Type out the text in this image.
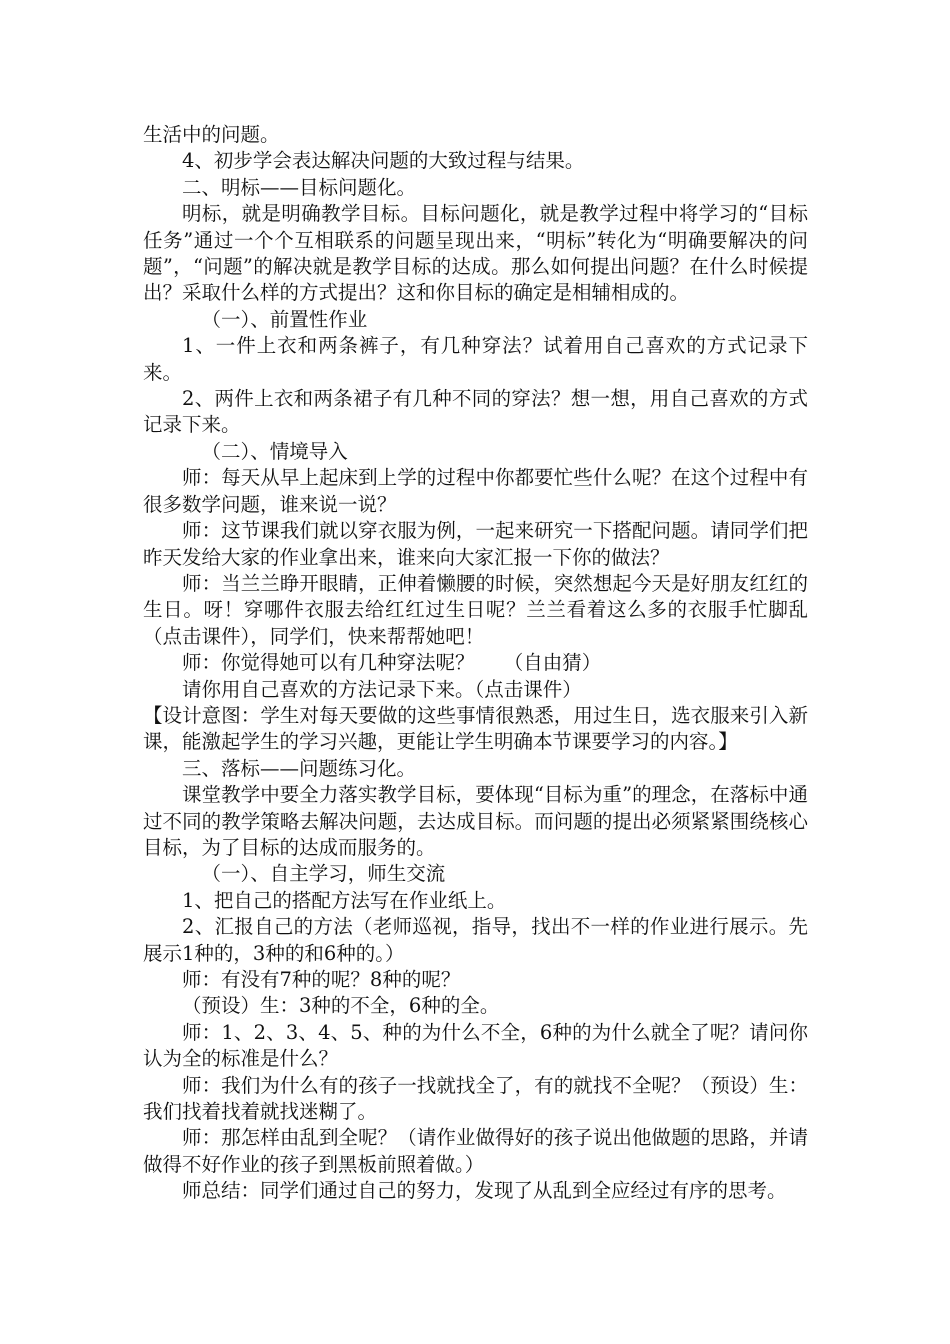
生活中的问题。

4、初步学会表达解决问题的大致过程与结果。

二、明标——目标问题化。

明标，就是明确教学目标。目标问题化，就是教学过程中将学习的“目标任务”通过一个个互相联系的问题呈现出来，“明标”转化为“明确要解决的问题”，“问题”的解决就是教学目标的达成。那么如何提出问题？在什么时候提出？采取什么样的方式提出？这和你目标的确定是相辅相成的。

（一）、前置性作业

1、一件上衣和两条裤子，有几种穿法？试着用自己喜欢的方式记录下来。

2、两件上衣和两条裙子有几种不同的穿法？想一想，用自己喜欢的方式记录下来。

（二）、情境导入

师：每天从早上起床到上学的过程中你都要忙些什么呢？在这个过程中有很多数学问题，谁来说一说？

师：这节课我们就以穿衣服为例，一起来研究一下搭配问题。请同学们把昨天发给大家的作业拿出来，谁来向大家汇报一下你的做法？

师：当兰兰睁开眼睛，正伸着懒腰的时候，突然想起今天是好朋友红红的生日。呀！穿哪件衣服去给红红过生日呢？兰兰看着这么多的衣服手忙脚乱（点击课件），同学们，快来帮帮她吧！

师：你觉得她可以有几种穿法呢？　　（自由猜）

请你用自己喜欢的方法记录下来。（点击课件）

【设计意图：学生对每天要做的这些事情很熟悉，用过生日，选衣服来引入新课，能激起学生的学习兴趣，更能让学生明确本节课要学习的内容。】

三、落标——问题练习化。

课堂教学中要全力落实教学目标，要体现“目标为重”的理念，在落标中通过不同的教学策略去解决问题，去达成目标。而问题的提出必须紧紧围绕核心目标，为了目标的达成而服务的。

（一）、自主学习，师生交流

1、把自己的搭配方法写在作业纸上。

2、汇报自己的方法（老师巡视，指导，找出不一样的作业进行展示。先展示1种的，3种的和6种的。）

师：有没有7种的呢？8种的呢？

（预设）生：3种的不全，6种的全。

师：1、2、3、4、5、种的为什么不全，6种的为什么就全了呢？请问你认为全的标准是什么？

师：我们为什么有的孩子一找就找全了，有的就找不全呢？（预设）生：我们找着找着就找迷糊了。

师：那怎样由乱到全呢？（请作业做得好的孩子说出他做题的思路，并请做得不好作业的孩子到黑板前照着做。）

师总结：同学们通过自己的努力，发现了从乱到全应经过有序的思考。
